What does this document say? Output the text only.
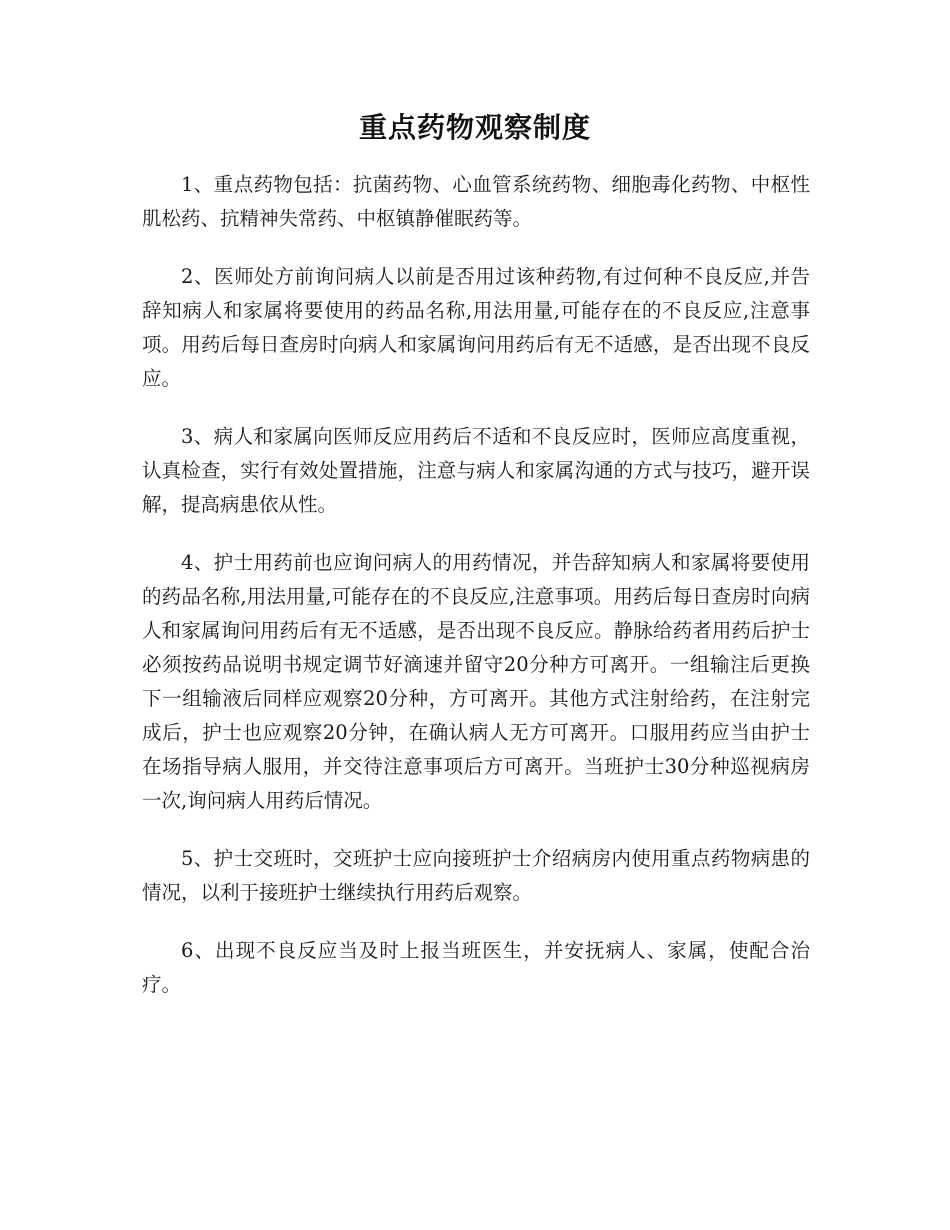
重点药物观察制度

1、重点药物包括：抗菌药物、心血管系统药物、细胞毒化药物、中枢性肌松药、抗精神失常药、中枢镇静催眠药等。

2、医师处方前询问病人以前是否用过该种药物,有过何种不良反应,并告辞知病人和家属将要使用的药品名称,用法用量,可能存在的不良反应,注意事项。用药后每日查房时向病人和家属询问用药后有无不适感，是否出现不良反应。

3、病人和家属向医师反应用药后不适和不良反应时，医师应高度重视，认真检查，实行有效处置措施，注意与病人和家属沟通的方式与技巧，避开误解，提高病患依从性。

4、护士用药前也应询问病人的用药情况，并告辞知病人和家属将要使用的药品名称,用法用量,可能存在的不良反应,注意事项。用药后每日查房时向病人和家属询问用药后有无不适感，是否出现不良反应。静脉给药者用药后护士必须按药品说明书规定调节好滴速并留守20分种方可离开。一组输注后更换下一组输液后同样应观察20分种，方可离开。其他方式注射给药，在注射完成后，护士也应观察20分钟，在确认病人无方可离开。口服用药应当由护士在场指导病人服用，并交待注意事项后方可离开。当班护士30分种巡视病房一次,询问病人用药后情况。

5、护士交班时，交班护士应向接班护士介绍病房内使用重点药物病患的情况，以利于接班护士继续执行用药后观察。

6、出现不良反应当及时上报当班医生，并安抚病人、家属，使配合治疗。
